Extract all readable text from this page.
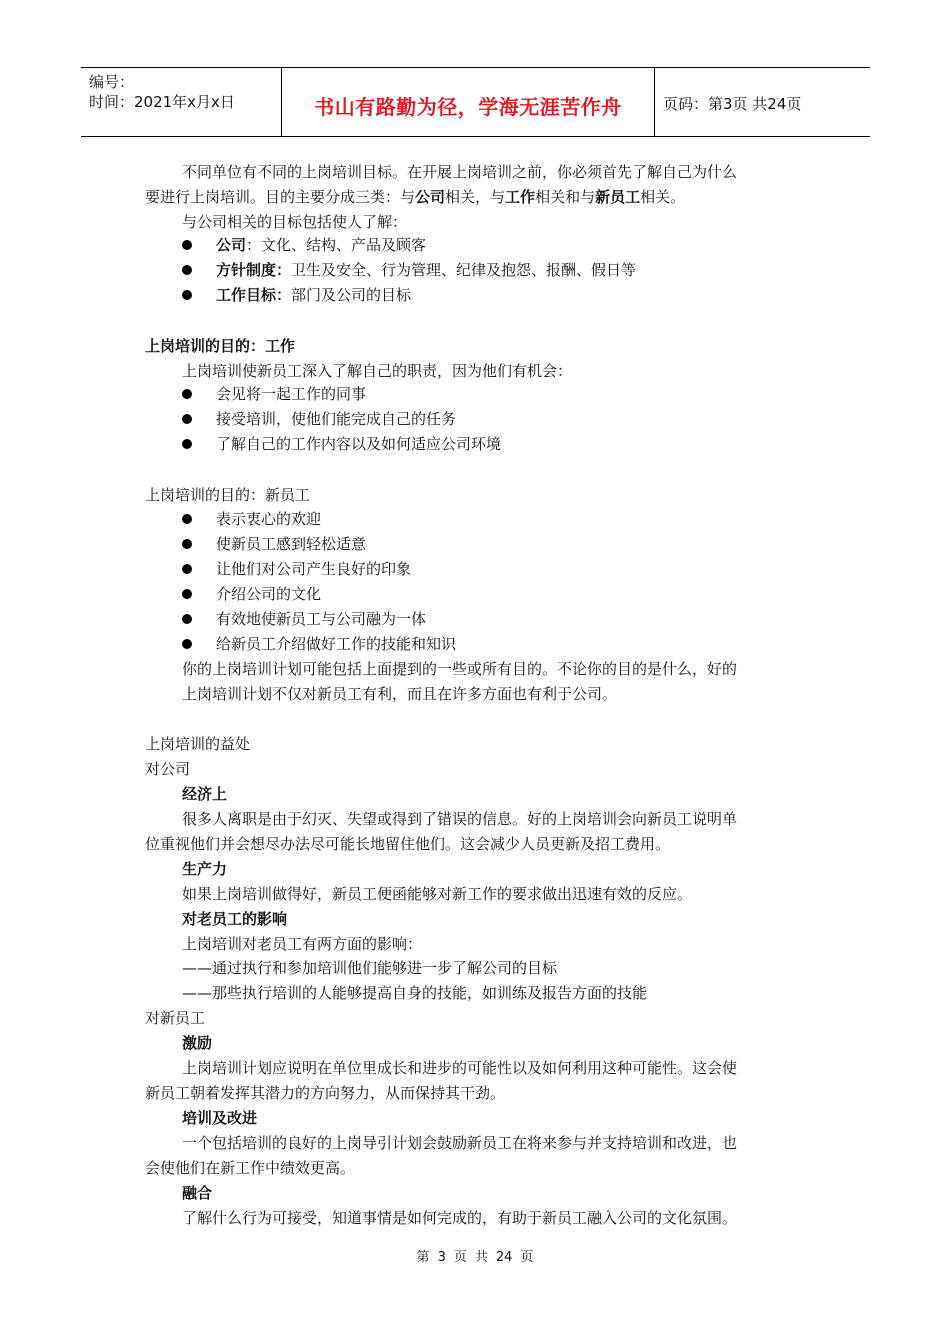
编号：
时间：2021年x月x日	书山有路勤为径，学海无涯苦作舟	页码：第3页 共24页
不同单位有不同的上岗培训目标。在开展上岗培训之前，你必须首先了解自己为什么
要进行上岗培训。目的主要分成三类：与公司相关，与工作相关和与新员工相关。
与公司相关的目标包括使人了解：
公司：文化、结构、产品及顾客
方针制度：卫生及安全、行为管理、纪律及抱怨、报酬、假日等
工作目标：部门及公司的目标
上岗培训的目的：工作
上岗培训使新员工深入了解自己的职责，因为他们有机会：
会见将一起工作的同事
接受培训，使他们能完成自己的任务
了解自己的工作内容以及如何适应公司环境
上岗培训的目的：新员工
表示衷心的欢迎
使新员工感到轻松适意
让他们对公司产生良好的印象
介绍公司的文化
有效地使新员工与公司融为一体
给新员工介绍做好工作的技能和知识
你的上岗培训计划可能包括上面提到的一些或所有目的。不论你的目的是什么，好的
上岗培训计划不仅对新员工有利，而且在许多方面也有利于公司。
上岗培训的益处
对公司
经济上
很多人离职是由于幻灭、失望或得到了错误的信息。好的上岗培训会向新员工说明单
位重视他们并会想尽办法尽可能长地留住他们。这会减少人员更新及招工费用。
生产力
如果上岗培训做得好，新员工便函能够对新工作的要求做出迅速有效的反应。
对老员工的影响
上岗培训对老员工有两方面的影响：
——通过执行和参加培训他们能够进一步了解公司的目标
——那些执行培训的人能够提高自身的技能，如训练及报告方面的技能
对新员工
激励
上岗培训计划应说明在单位里成长和进步的可能性以及如何利用这种可能性。这会使
新员工朝着发挥其潜力的方向努力，从而保持其干劲。
培训及改进
一个包括培训的良好的上岗导引计划会鼓励新员工在将来参与并支持培训和改进，也
会使他们在新工作中绩效更高。
融合
了解什么行为可接受，知道事情是如何完成的，有助于新员工融入公司的文化氛围。
第 3 页 共 24 页
